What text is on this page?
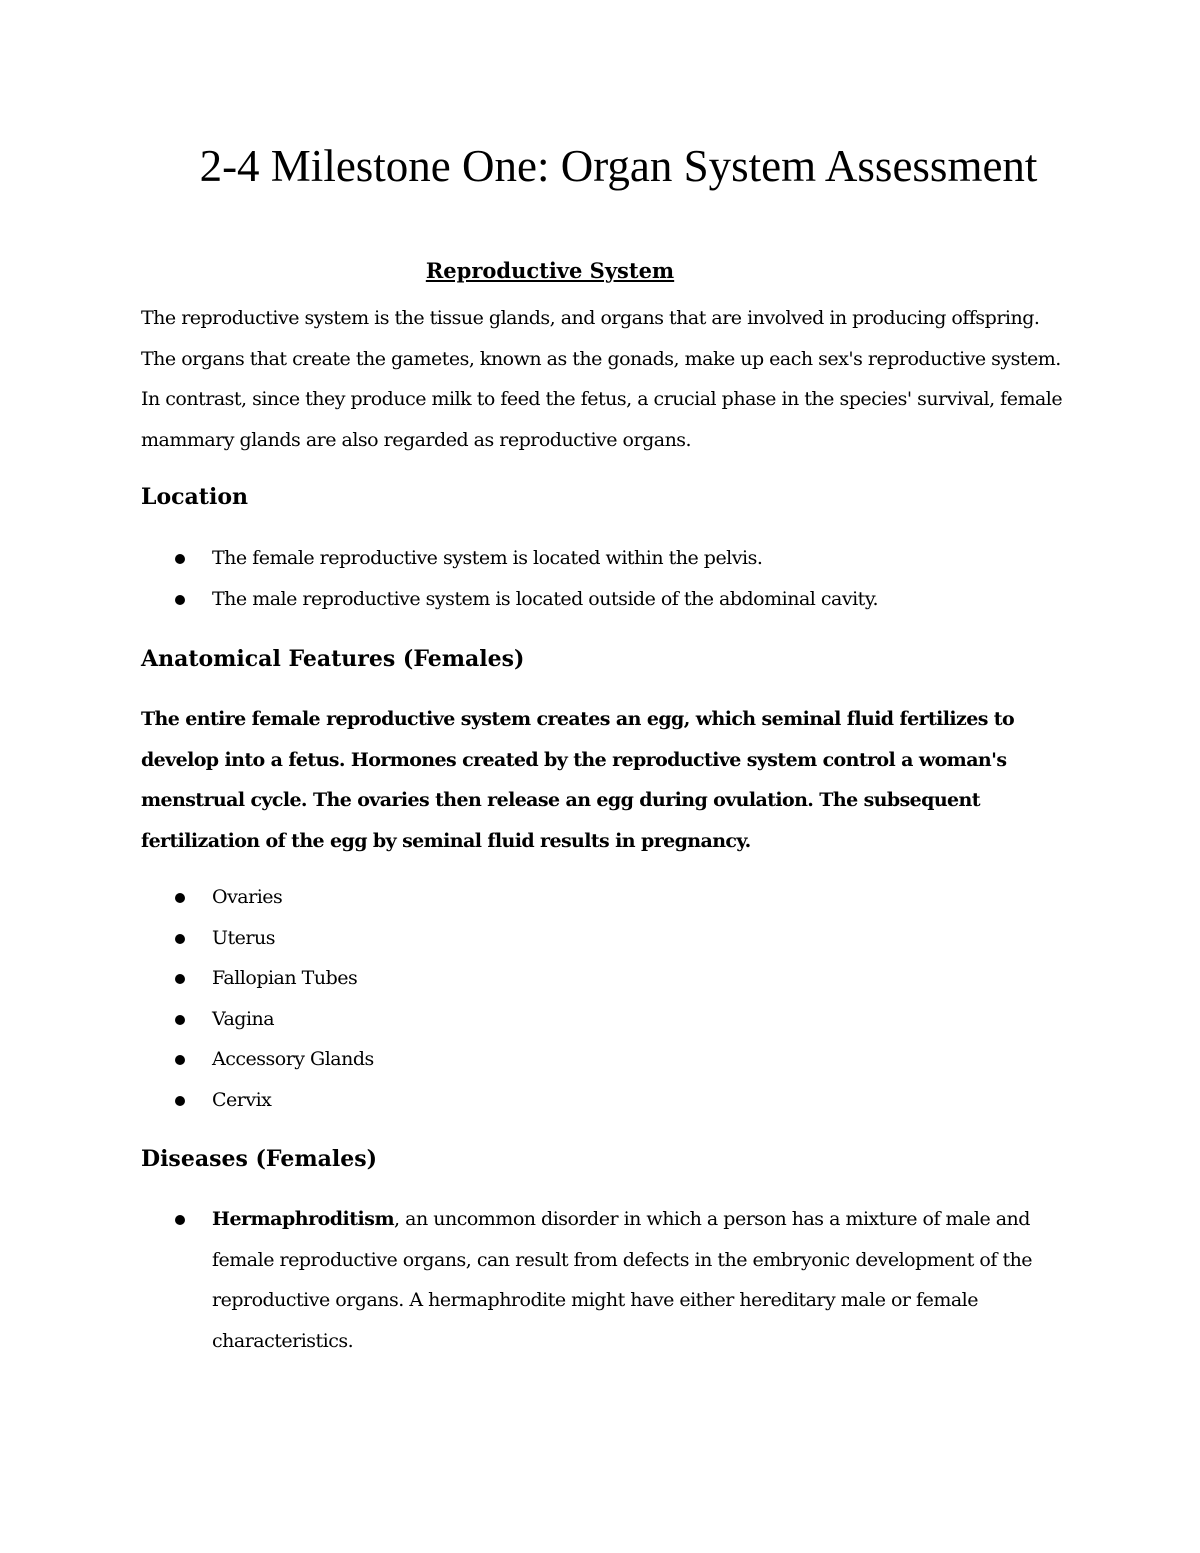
2-4 Milestone One: Organ System Assessment
Reproductive System

The reproductive system is the tissue glands, and organs that are involved in producing offspring. The organs that create the gametes, known as the gonads, make up each sex's reproductive system. In contrast, since they produce milk to feed the fetus, a crucial phase in the species' survival, female mammary glands are also regarded as reproductive organs.

Location
The female reproductive system is located within the pelvis.
The male reproductive system is located outside of the abdominal cavity.
Anatomical Features (Females)

The entire female reproductive system creates an egg, which seminal fluid fertilizes to develop into a fetus. Hormones created by the reproductive system control a woman's menstrual cycle. The ovaries then release an egg during ovulation. The subsequent fertilization of the egg by seminal fluid results in pregnancy.

Ovaries
Uterus
Fallopian Tubes
Vagina
Accessory Glands
Cervix
Diseases (Females)
Hermaphroditism, an uncommon disorder in which a person has a mixture of male and female reproductive organs, can result from defects in the embryonic development of the reproductive organs. A hermaphrodite might have either hereditary male or female characteristics.
